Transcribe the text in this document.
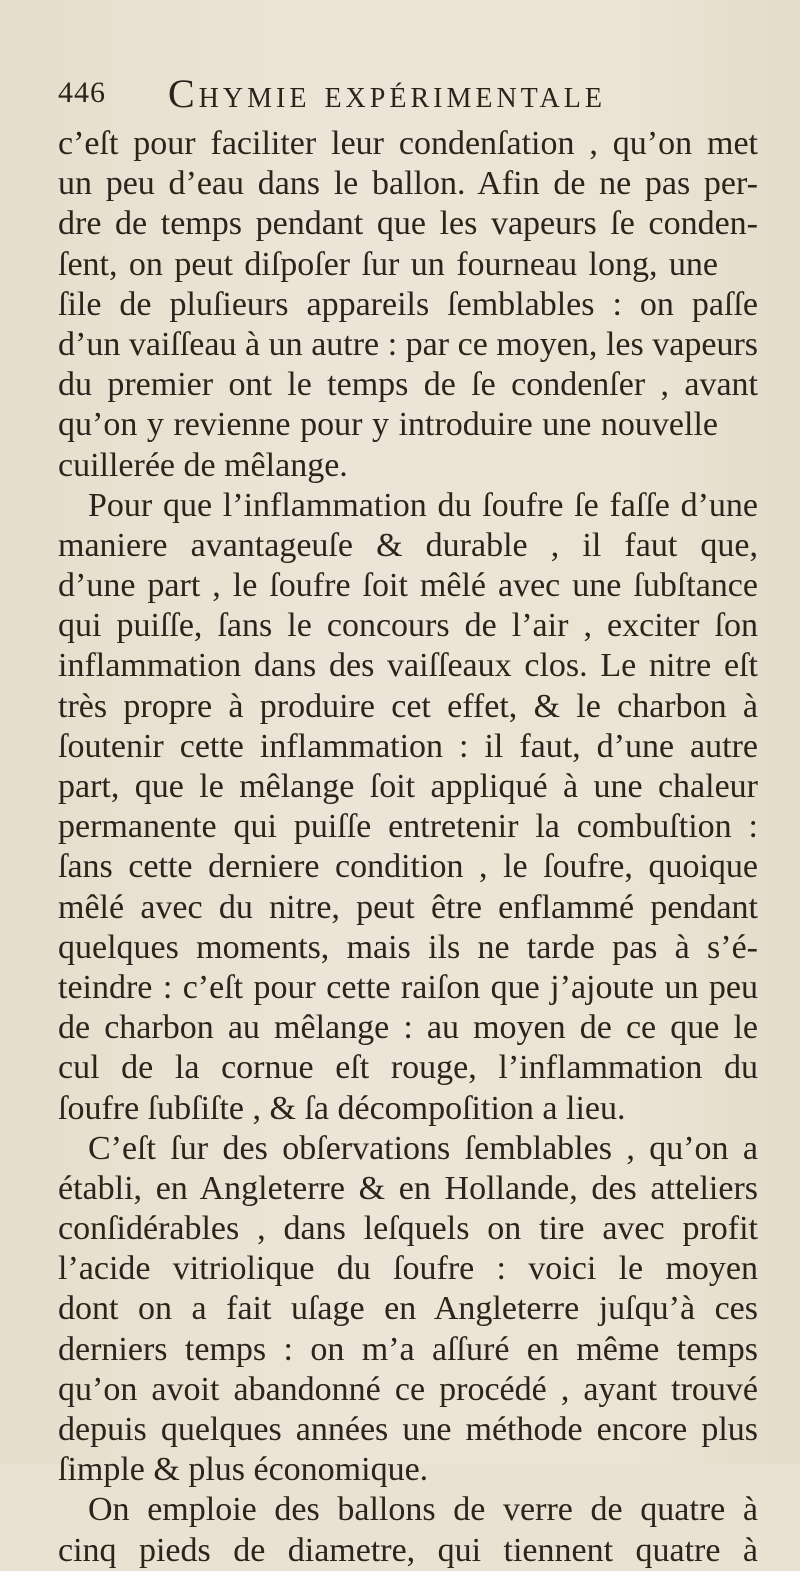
446 Chymie expérimentale
c’eſt pour faciliter leur condenſation , qu’on met
un peu d’eau dans le ballon. Afin de ne pas per-
dre de temps pendant que les vapeurs ſe conden-
ſent, on peut diſpoſer ſur un fourneau long, une
ſile de pluſieurs appareils ſemblables : on paſſe
d’un vaiſſeau à un autre : par ce moyen, les vapeurs
du premier ont le temps de ſe condenſer , avant
qu’on y revienne pour y introduire une nouvelle
cuillerée de mêlange.
Pour que l’inflammation du ſoufre ſe faſſe d’une
maniere avantageuſe & durable , il faut que,
d’une part , le ſoufre ſoit mêlé avec une ſubſtance
qui puiſſe, ſans le concours de l’air , exciter ſon
inflammation dans des vaiſſeaux clos. Le nitre eſt
très propre à produire cet effet, & le charbon à
ſoutenir cette inflammation : il faut, d’une autre
part, que le mêlange ſoit appliqué à une chaleur
permanente qui puiſſe entretenir la combuſtion :
ſans cette derniere condition , le ſoufre, quoique
mêlé avec du nitre, peut être enflammé pendant
quelques moments, mais ils ne tarde pas à s’é-
teindre : c’eſt pour cette raiſon que j’ajoute un peu
de charbon au mêlange : au moyen de ce que le
cul de la cornue eſt rouge, l’inflammation du
ſoufre ſubſiſte , & ſa décompoſition a lieu.
C’eſt ſur des obſervations ſemblables , qu’on a
établi, en Angleterre & en Hollande, des atteliers
conſidérables , dans leſquels on tire avec profit
l’acide vitriolique du ſoufre : voici le moyen
dont on a fait uſage en Angleterre juſqu’à ces
derniers temps : on m’a aſſuré en même temps
qu’on avoit abandonné ce procédé , ayant trouvé
depuis quelques années une méthode encore plus
ſimple & plus économique.
On emploie des ballons de verre de quatre à
cinq pieds de diametre, qui tiennent quatre à
